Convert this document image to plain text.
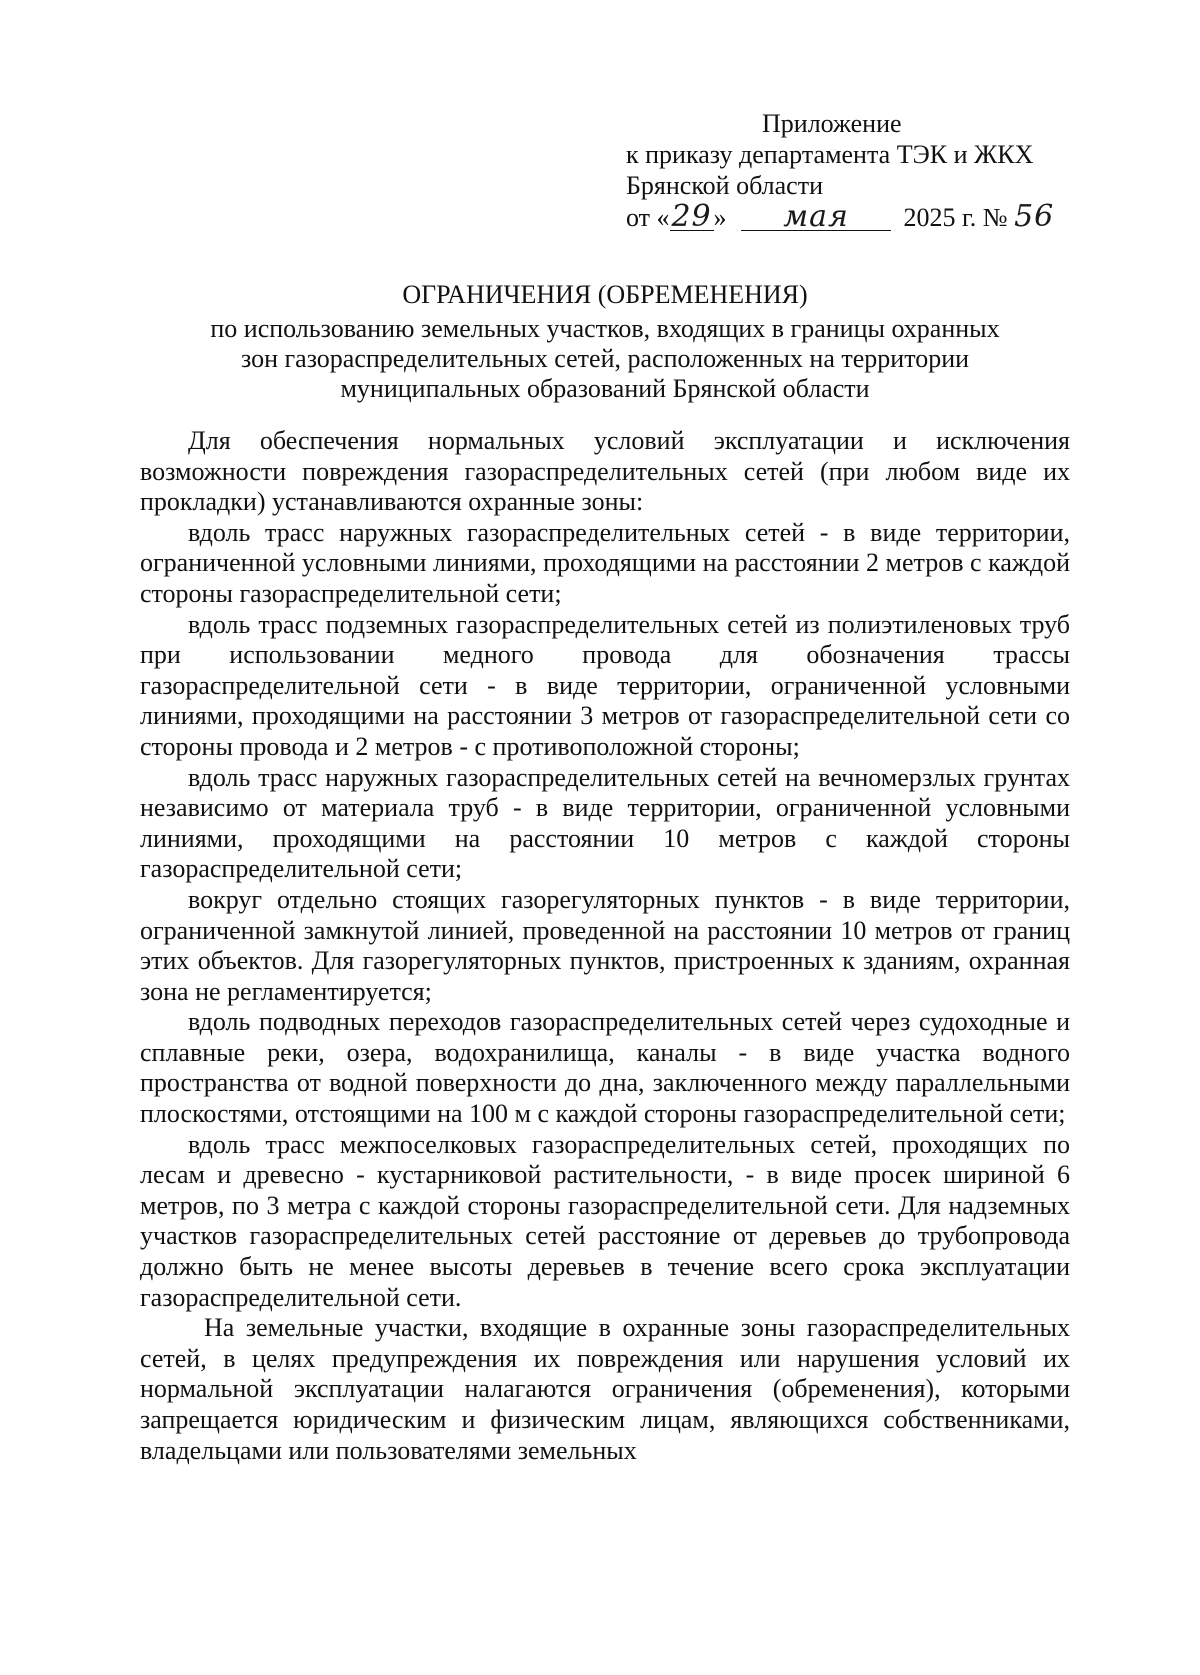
Приложение
к приказу департамента ТЭК и ЖКХ
Брянской области
от «29» мая 2025 г. № 56
ОГРАНИЧЕНИЯ (ОБРЕМЕНЕНИЯ)
по использованию земельных участков, входящих в границы охранных
зон газораспределительных сетей, расположенных на территории
муниципальных образований Брянской области

Для обеспечения нормальных условий эксплуатации и исключения возможности повреждения газораспределительных сетей (при любом виде их прокладки) устанавливаются охранные зоны:

вдоль трасс наружных газораспределительных сетей - в виде территории, ограниченной условными линиями, проходящими на расстоянии 2 метров с каждой стороны газораспределительной сети;

вдоль трасс подземных газораспределительных сетей из полиэтиленовых труб при использовании медного провода для обозначения трассы газораспределительной сети - в виде территории, ограниченной условными линиями, проходящими на расстоянии 3 метров от газораспределительной сети со стороны провода и 2 метров - с противоположной стороны;

вдоль трасс наружных газораспределительных сетей на вечномерзлых грунтах независимо от материала труб - в виде территории, ограниченной условными линиями, проходящими на расстоянии 10 метров с каждой стороны газораспределительной сети;

вокруг отдельно стоящих газорегуляторных пунктов - в виде территории, ограниченной замкнутой линией, проведенной на расстоянии 10 метров от границ этих объектов. Для газорегуляторных пунктов, пристроенных к зданиям, охранная зона не регламентируется;

вдоль подводных переходов газораспределительных сетей через судоходные и сплавные реки, озера, водохранилища, каналы - в виде участка водного пространства от водной поверхности до дна, заключенного между параллельными плоскостями, отстоящими на 100 м с каждой стороны газораспределительной сети;

вдоль трасс межпоселковых газораспределительных сетей, проходящих по лесам и древесно - кустарниковой растительности, - в виде просек шириной 6 метров, по 3 метра с каждой стороны газораспределительной сети. Для надземных участков газораспределительных сетей расстояние от деревьев до трубопровода должно быть не менее высоты деревьев в течение всего срока эксплуатации газораспределительной сети.

На земельные участки, входящие в охранные зоны газораспределительных сетей, в целях предупреждения их повреждения или нарушения условий их нормальной эксплуатации налагаются ограничения (обременения), которыми запрещается юридическим и физическим лицам, являющихся собственниками, владельцами или пользователями земельных
